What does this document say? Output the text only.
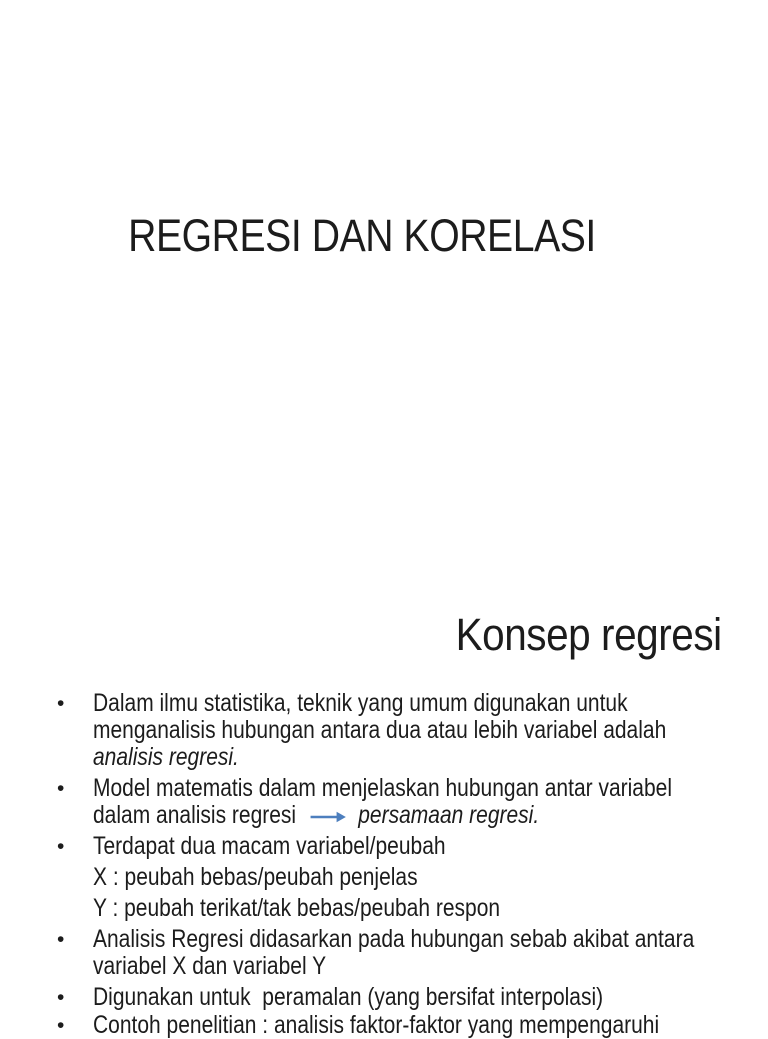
REGRESI DAN KORELASI
Konsep regresi
•	Dalam ilmu statistika, teknik yang umum digunakan untuk
menganalisis hubungan antara dua atau lebih variabel adalah
analisis regresi.
•	Model matematis dalam menjelaskan hubungan antar variabel
dalam analisis regresi persamaan regresi.
•	Terdapat dua macam variabel/peubah
X : peubah bebas/peubah penjelas
Y : peubah terikat/tak bebas/peubah respon
•	Analisis Regresi didasarkan pada hubungan sebab akibat antara
variabel X dan variabel Y
•	Digunakan untuk  peramalan (yang bersifat interpolasi)
•	Contoh penelitian : analisis faktor-faktor yang mempengaruhi
